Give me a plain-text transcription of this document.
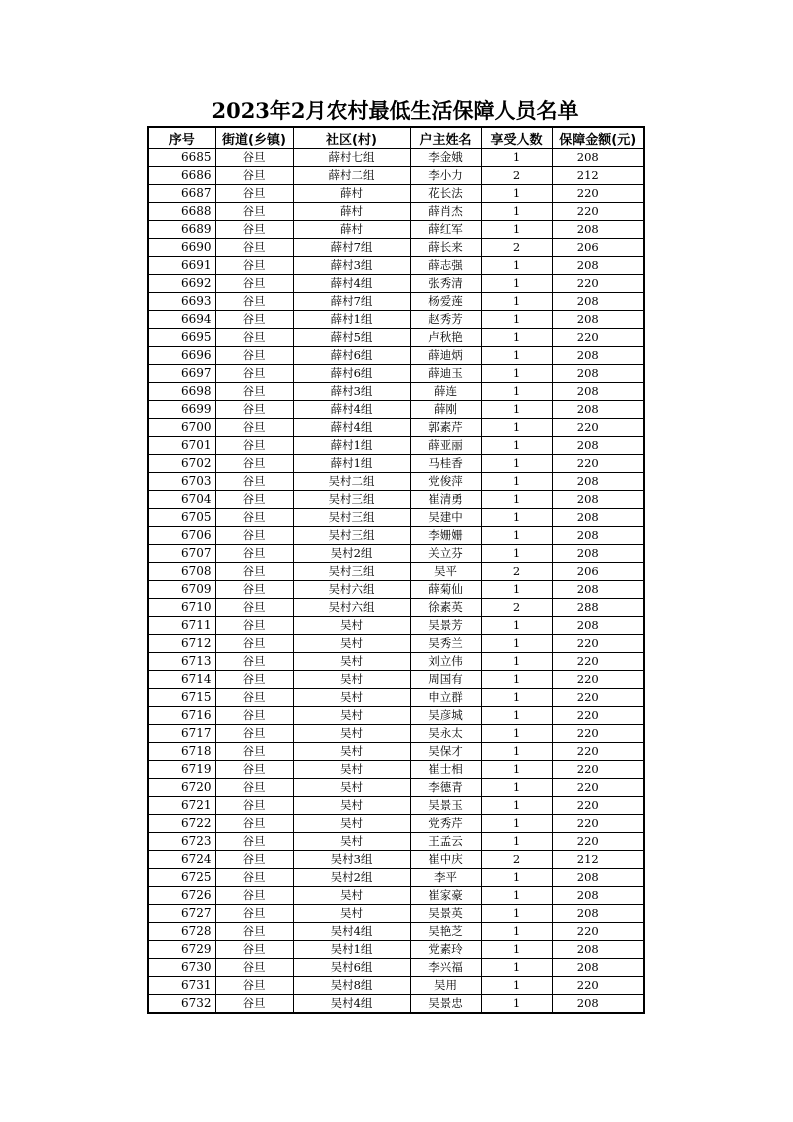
2023年2月农村最低生活保障人员名单
序号	街道(乡镇)	社区(村)	户主姓名	享受人数	保障金额(元)
6685	谷旦	薛村七组	李金娥	1	208
6686	谷旦	薛村二组	李小力	2	212
6687	谷旦	薛村	花长法	1	220
6688	谷旦	薛村	薛肖杰	1	220
6689	谷旦	薛村	薛红军	1	208
6690	谷旦	薛村7组	薛长来	2	206
6691	谷旦	薛村3组	薛志强	1	208
6692	谷旦	薛村4组	张秀清	1	220
6693	谷旦	薛村7组	杨爱莲	1	208
6694	谷旦	薛村1组	赵秀芳	1	208
6695	谷旦	薛村5组	卢秋艳	1	220
6696	谷旦	薛村6组	薛迪炳	1	208
6697	谷旦	薛村6组	薛迪玉	1	208
6698	谷旦	薛村3组	薛连	1	208
6699	谷旦	薛村4组	薛刚	1	208
6700	谷旦	薛村4组	郭素芹	1	220
6701	谷旦	薛村1组	薛亚丽	1	208
6702	谷旦	薛村1组	马桂香	1	220
6703	谷旦	吴村二组	党俊萍	1	208
6704	谷旦	吴村三组	崔清勇	1	208
6705	谷旦	吴村三组	吴建中	1	208
6706	谷旦	吴村三组	李姗姗	1	208
6707	谷旦	吴村2组	关立芬	1	208
6708	谷旦	吴村三组	吴平	2	206
6709	谷旦	吴村六组	薛菊仙	1	208
6710	谷旦	吴村六组	徐素英	2	288
6711	谷旦	吴村	吴景芳	1	208
6712	谷旦	吴村	吴秀兰	1	220
6713	谷旦	吴村	刘立伟	1	220
6714	谷旦	吴村	周国有	1	220
6715	谷旦	吴村	申立群	1	220
6716	谷旦	吴村	吴彦城	1	220
6717	谷旦	吴村	吴永太	1	220
6718	谷旦	吴村	吴保才	1	220
6719	谷旦	吴村	崔士相	1	220
6720	谷旦	吴村	李德青	1	220
6721	谷旦	吴村	吴景玉	1	220
6722	谷旦	吴村	党秀芹	1	220
6723	谷旦	吴村	王孟云	1	220
6724	谷旦	吴村3组	崔中庆	2	212
6725	谷旦	吴村2组	李平	1	208
6726	谷旦	吴村	崔家豪	1	208
6727	谷旦	吴村	吴景英	1	208
6728	谷旦	吴村4组	吴艳芝	1	220
6729	谷旦	吴村1组	党素玲	1	208
6730	谷旦	吴村6组	李兴福	1	208
6731	谷旦	吴村8组	吴用	1	220
6732	谷旦	吴村4组	吴景忠	1	208
